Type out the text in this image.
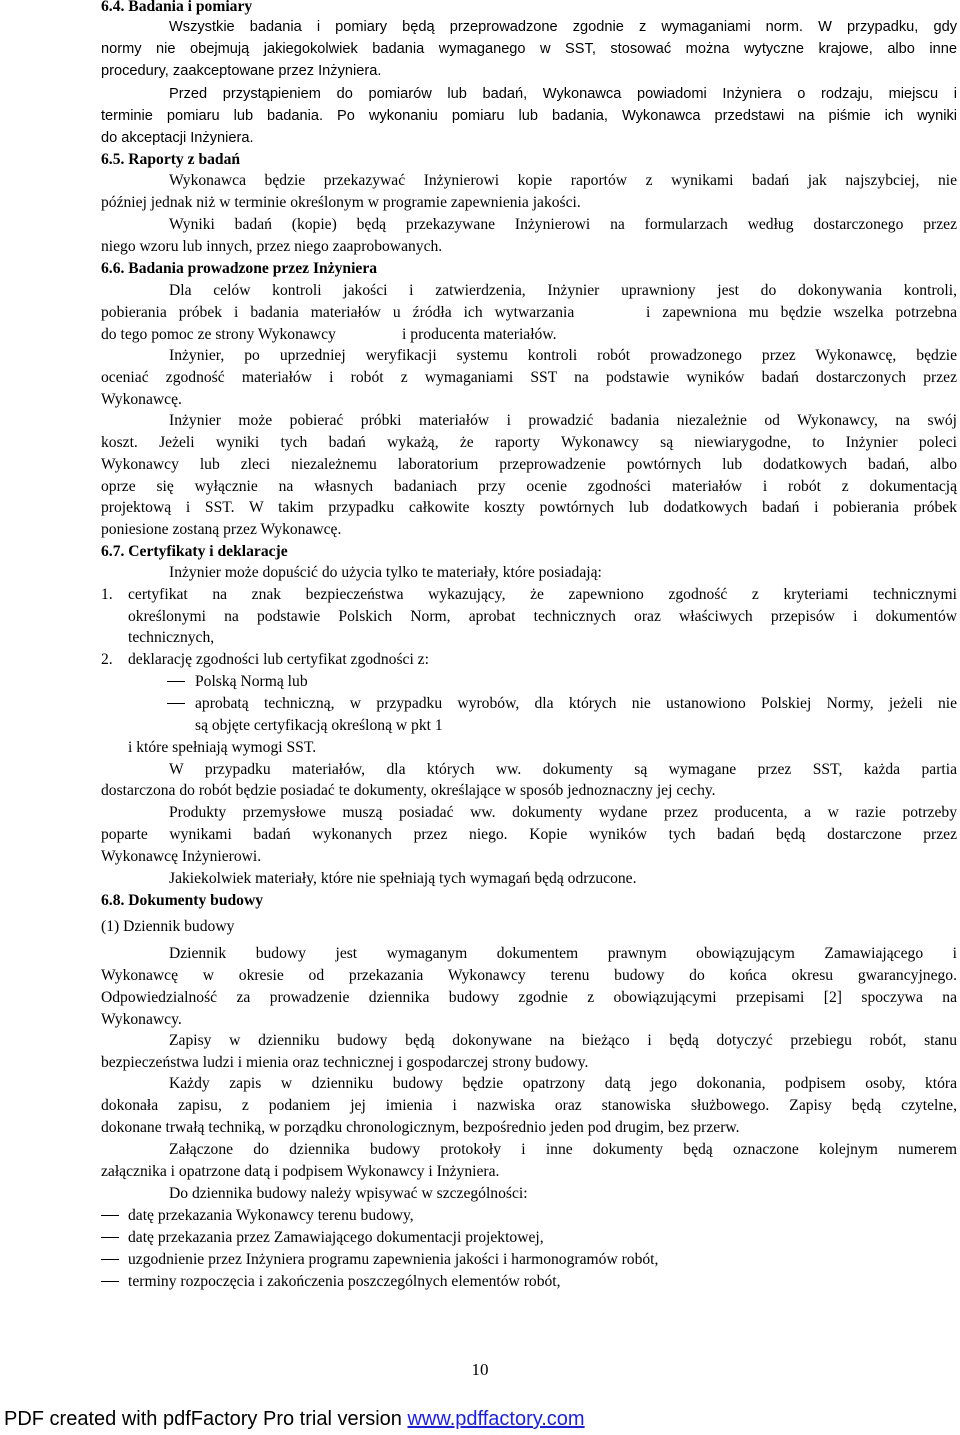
6.4. Badania i pomiary
Wszystkie badania i pomiary będą przeprowadzone zgodnie z wymaganiami norm. W przypadku, gdy
normy nie obejmują jakiegokolwiek badania wymaganego w SST, stosować można wytyczne krajowe, albo inne
procedury, zaakceptowane przez Inżyniera.
Przed przystąpieniem do pomiarów lub badań, Wykonawca powiadomi Inżyniera o rodzaju, miejscu i
terminie pomiaru lub badania. Po wykonaniu pomiaru lub badania, Wykonawca przedstawi na piśmie ich wyniki
do akceptacji Inżyniera.
6.5. Raporty z badań
Wykonawca będzie przekazywać Inżynierowi kopie raportów z wynikami badań jak najszybciej, nie
później jednak niż w terminie określonym w programie zapewnienia jakości.
Wyniki badań (kopie) będą przekazywane Inżynierowi na formularzach według dostarczonego przez
niego wzoru lub innych, przez niego zaaprobowanych.
6.6. Badania prowadzone przez Inżyniera
Dla celów kontroli jakości i zatwierdzenia, Inżynier uprawniony jest do dokonywania kontroli,
pobierania próbek i badania materiałów u źródła ich wytwarzania      i zapewniona mu będzie wszelka potrzebna
do tego pomoc ze strony Wykonawcy                 i producenta materiałów.
Inżynier, po uprzedniej weryfikacji systemu kontroli robót prowadzonego przez Wykonawcę, będzie
oceniać zgodność materiałów i robót z wymaganiami SST na podstawie wyników badań dostarczonych przez
Wykonawcę.
Inżynier może pobierać próbki materiałów i prowadzić badania niezależnie od Wykonawcy, na swój
koszt. Jeżeli wyniki tych badań wykażą, że raporty Wykonawcy są niewiarygodne, to Inżynier poleci
Wykonawcy lub zleci niezależnemu laboratorium przeprowadzenie powtórnych lub dodatkowych badań, albo
oprze się wyłącznie na własnych badaniach przy ocenie zgodności materiałów i robót z dokumentacją
projektową i SST. W takim przypadku całkowite koszty powtórnych lub dodatkowych badań i pobierania próbek
poniesione zostaną przez Wykonawcę.
6.7. Certyfikaty i deklaracje
Inżynier może dopuścić do użycia tylko te materiały, które posiadają:
1. certyfikat na znak bezpieczeństwa wykazujący, że zapewniono zgodność z kryteriami technicznymi
określonymi na podstawie Polskich Norm, aprobat technicznych oraz właściwych przepisów i dokumentów
technicznych,
2. deklarację zgodności lub certyfikat zgodności z:
Polską Normą lub
aprobatą techniczną, w przypadku wyrobów, dla których nie ustanowiono Polskiej Normy, jeżeli nie
są objęte certyfikacją określoną w pkt 1
i które spełniają wymogi SST.
W przypadku materiałów, dla których ww. dokumenty są wymagane przez SST, każda partia
dostarczona do robót będzie posiadać te dokumenty, określające w sposób jednoznaczny jej cechy.
Produkty przemysłowe muszą posiadać ww. dokumenty wydane przez producenta, a w razie potrzeby
poparte wynikami badań wykonanych przez niego. Kopie wyników tych badań będą dostarczone przez
Wykonawcę Inżynierowi.
Jakiekolwiek materiały, które nie spełniają tych wymagań będą odrzucone.
6.8. Dokumenty budowy
(1) Dziennik budowy
Dziennik budowy jest wymaganym dokumentem prawnym obowiązującym Zamawiającego i
Wykonawcę w okresie od przekazania Wykonawcy terenu budowy do końca okresu gwarancyjnego.
Odpowiedzialność za prowadzenie dziennika budowy zgodnie z obowiązującymi przepisami [2] spoczywa na
Wykonawcy.
Zapisy w dzienniku budowy będą dokonywane na bieżąco i będą dotyczyć przebiegu robót, stanu
bezpieczeństwa ludzi i mienia oraz technicznej i gospodarczej strony budowy.
Każdy zapis w dzienniku budowy będzie opatrzony datą jego dokonania, podpisem osoby, która
dokonała zapisu, z podaniem jej imienia i nazwiska oraz stanowiska służbowego. Zapisy będą czytelne,
dokonane trwałą techniką, w porządku chronologicznym, bezpośrednio jeden pod drugim, bez przerw.
Załączone do dziennika budowy protokoły i inne dokumenty będą oznaczone kolejnym numerem
załącznika i opatrzone datą i podpisem Wykonawcy i Inżyniera.
Do dziennika budowy należy wpisywać w szczególności:
datę przekazania Wykonawcy terenu budowy,
datę przekazania przez Zamawiającego dokumentacji projektowej,
uzgodnienie przez Inżyniera programu zapewnienia jakości i harmonogramów robót,
terminy rozpoczęcia i zakończenia poszczególnych elementów robót,
10
PDF created with pdfFactory Pro trial version www.pdffactory.com
